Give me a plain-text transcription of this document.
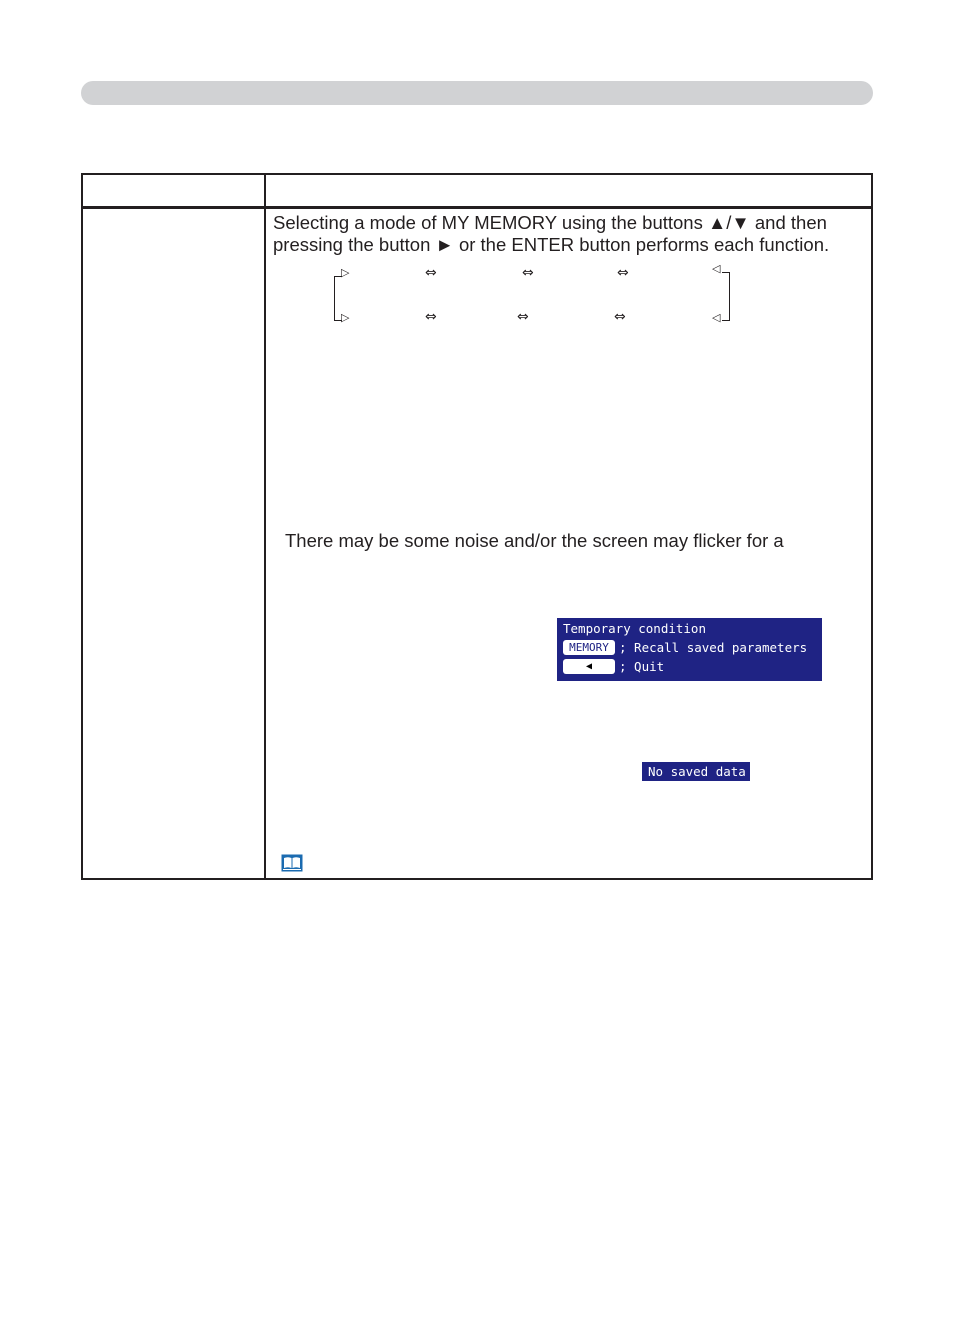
Selecting a mode of MY MEMORY using the buttons ▲/▼ and then
pressing the button ► or the ENTER button performs each function.

▷
▷
◁
◁
⇔	⇔	⇔
⇔	⇔	⇔

There may be some noise and/or the screen may flicker for a

Temporary condition
MEMORY ; Recall saved parameters
◀	; Quit
No saved data
